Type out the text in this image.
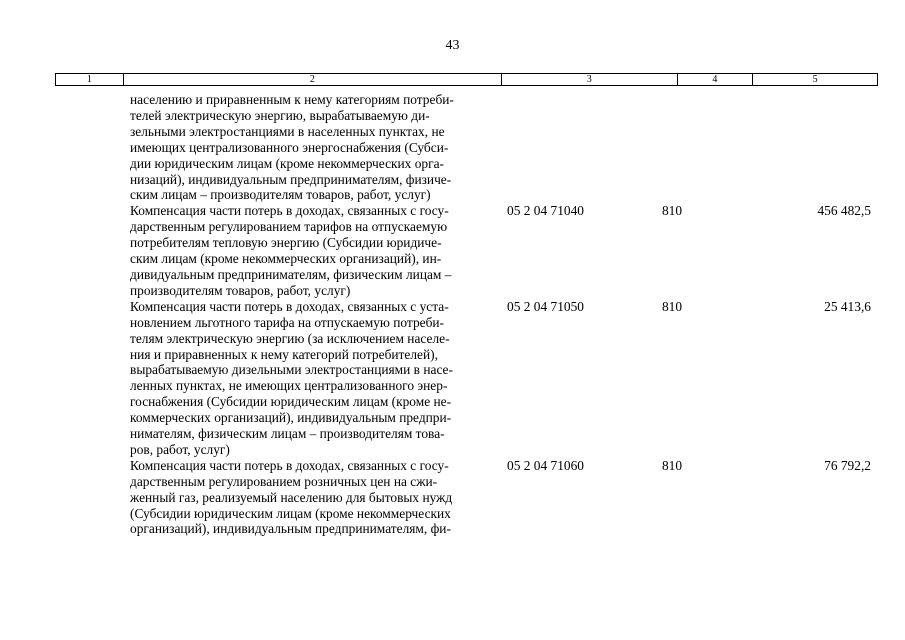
43
1	2	3	4	5
населению и приравненным к нему категориям потреби-
телей электрическую энергию, вырабатываемую ди-
зельными электростанциями в населенных пунктах, не
имеющих централизованного энергоснабжения (Субси-
дии юридическим лицам (кроме некоммерческих орга-
низаций), индивидуальным предпринимателям, физиче-
ским лицам – производителям товаров, работ, услуг)
Компенсация части потерь в доходах, связанных с госу-
дарственным регулированием тарифов на отпускаемую
потребителям тепловую энергию (Субсидии юридиче-
ским лицам (кроме некоммерческих организаций), ин-
дивидуальным предпринимателям, физическим лицам –
производителям товаров, работ, услуг)
05 2 04 71040	810	456 482,5
Компенсация части потерь в доходах, связанных с уста-
новлением льготного тарифа на отпускаемую потреби-
телям электрическую энергию (за исключением населе-
ния и приравненных к нему категорий потребителей),
вырабатываемую дизельными электростанциями в насе-
ленных пунктах, не имеющих централизованного энер-
госнабжения (Субсидии юридическим лицам (кроме не-
коммерческих организаций), индивидуальным предпри-
нимателям, физическим лицам – производителям това-
ров, работ, услуг)
05 2 04 71050	810	25 413,6
Компенсация части потерь в доходах, связанных с госу-
дарственным регулированием розничных цен на сжи-
женный газ, реализуемый населению для бытовых нужд
(Субсидии юридическим лицам (кроме некоммерческих
организаций), индивидуальным предпринимателям, фи-
05 2 04 71060	810	76 792,2
